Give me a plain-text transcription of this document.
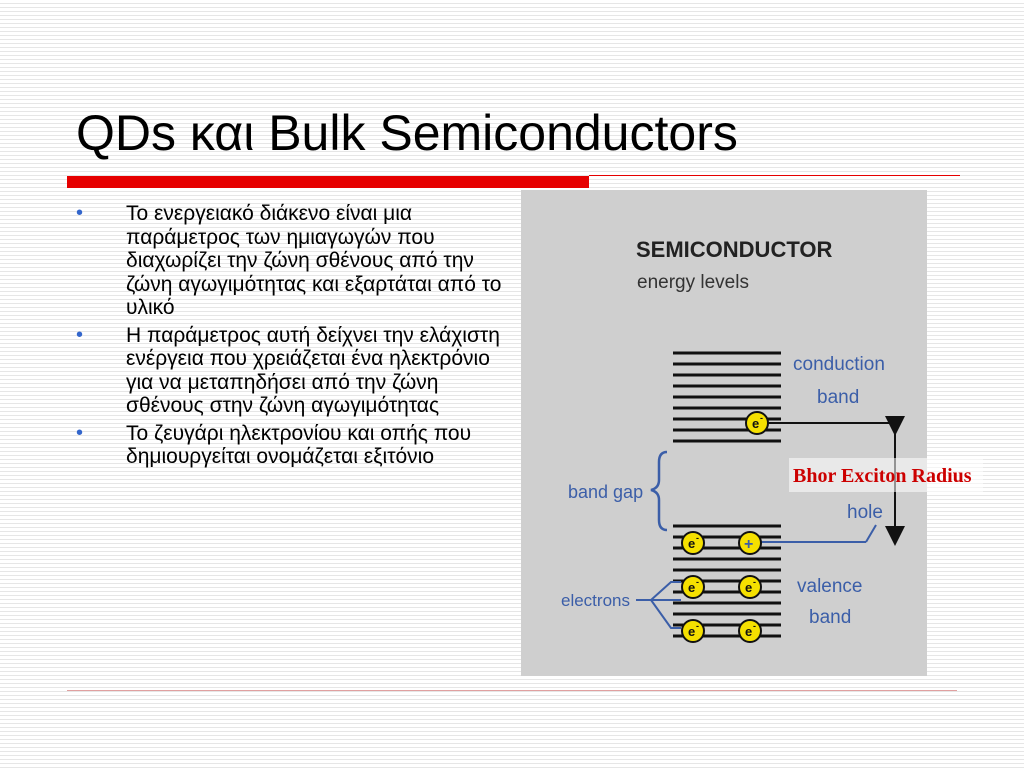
QDs και Bulk Semiconductors
• Το ενεργειακό διάκενο είναι μια παράμετρος των ημιαγωγών που διαχωρίζει την ζώνη σθένους από την ζώνη αγωγιμότητας και εξαρτάται από το υλικό
• Η παράμετρος αυτή δείχνει την ελάχιστη ενέργεια που χρειάζεται ένα ηλεκτρόνιο για να μεταπηδήσει από την ζώνη σθένους στην ζώνη αγωγιμότητας
• Το ζευγάρι ηλεκτρονίου και οπής που δημιουργείται ονομάζεται εξιτόνιο
SEMICONDUCTOR
energy levels
conduction
band
Bhor Exciton Radius
hole
band gap
electrons
valence
band
e -
e -	+
e -	e -
e -	e -
